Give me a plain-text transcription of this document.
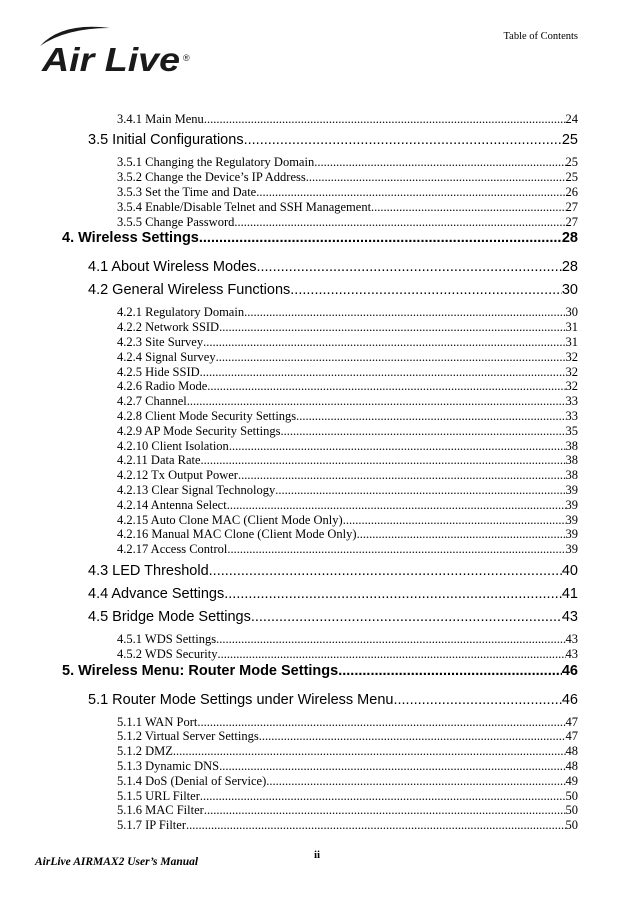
Table of Contents
Air Live ®
3.4.1 Main Menu .....	24
3.5 Initial Configurations .....	25
3.5.1 Changing the Regulatory Domain .....	25
3.5.2 Change the Device’s IP Address .....	25
3.5.3 Set the Time and Date .....	26
3.5.4 Enable/Disable Telnet and SSH Management .....	27
3.5.5 Change Password .....	27
4. Wireless Settings .....	28
4.1 About Wireless Modes .....	28
4.2 General Wireless Functions .....	30
4.2.1 Regulatory Domain .....	30
4.2.2 Network SSID .....	31
4.2.3 Site Survey .....	31
4.2.4 Signal Survey .....	32
4.2.5 Hide SSID .....	32
4.2.6 Radio Mode .....	32
4.2.7 Channel .....	33
4.2.8 Client Mode Security Settings .....	33
4.2.9 AP Mode Security Settings .....	35
4.2.10 Client Isolation .....	38
4.2.11 Data Rate .....	38
4.2.12 Tx Output Power .....	38
4.2.13 Clear Signal Technology .....	39
4.2.14 Antenna Select .....	39
4.2.15 Auto Clone MAC (Client Mode Only) .....	39
4.2.16 Manual MAC Clone (Client Mode Only) .....	39
4.2.17 Access Control .....	39
4.3 LED Threshold .....	40
4.4 Advance Settings .....	41
4.5 Bridge Mode Settings .....	43
4.5.1 WDS Settings .....	43
4.5.2 WDS Security .....	43
5. Wireless Menu: Router Mode Settings .....	46
5.1 Router Mode Settings under Wireless Menu .....	46
5.1.1 WAN Port .....	47
5.1.2 Virtual Server Settings .....	47
5.1.2 DMZ .....	48
5.1.3 Dynamic DNS .....	48
5.1.4 DoS (Denial of Service) .....	49
5.1.5 URL Filter .....	50
5.1.6 MAC Filter .....	50
5.1.7 IP Filter .....	50
ii
AirLive AIRMAX2 User’s Manual
